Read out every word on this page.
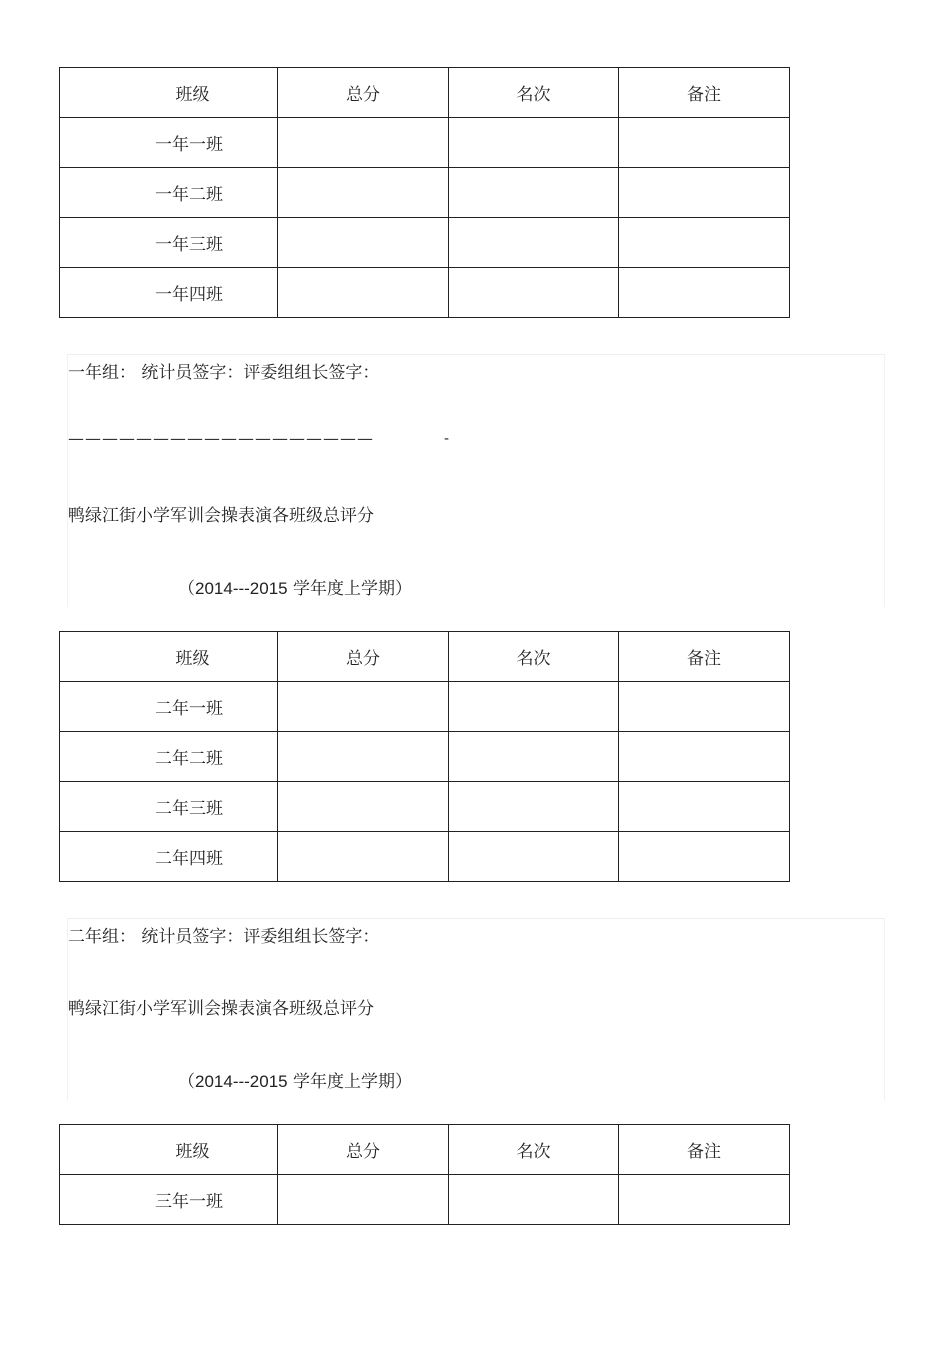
班级	总分	名次	备注
一年一班			
一年二班			
一年三班			
一年四班			
一年组： 统计员签字：评委组组长签字：
——————————————————	-
鸭绿江街小学军训会操表演各班级总评分
（2014---2015 学年度上学期）
班级	总分	名次	备注
二年一班			
二年二班			
二年三班			
二年四班			
二年组： 统计员签字：评委组组长签字：
鸭绿江街小学军训会操表演各班级总评分
（2014---2015 学年度上学期）
班级	总分	名次	备注
三年一班			
